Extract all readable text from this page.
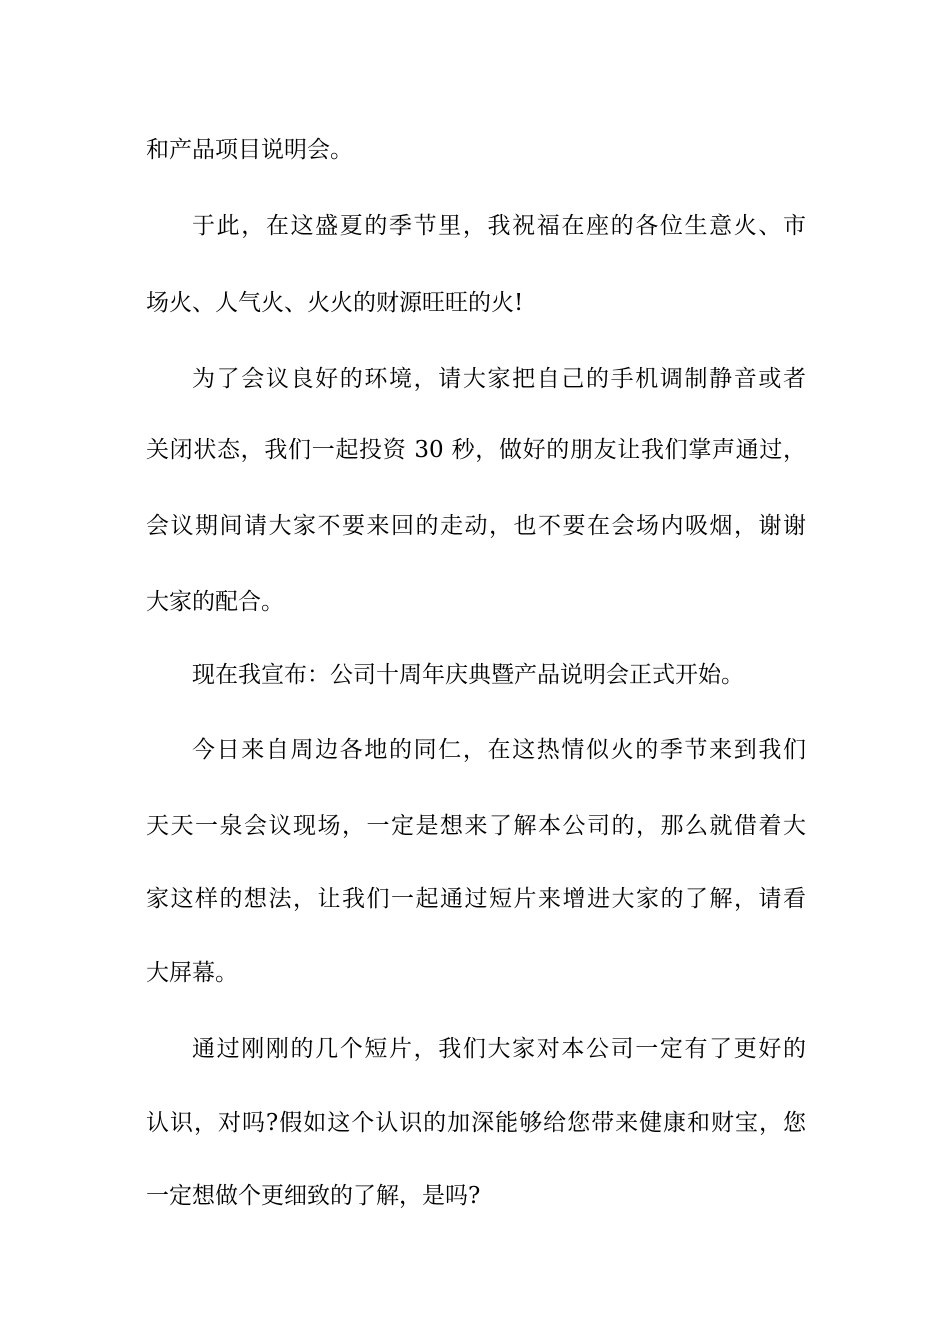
和产品项目说明会。
于此，在这盛夏的季节里，我祝福在座的各位生意火、市
场火、人气火、火火的财源旺旺的火!
为了会议良好的环境，请大家把自己的手机调制静音或者
关闭状态，我们一起投资 30 秒，做好的朋友让我们掌声通过，
会议期间请大家不要来回的走动，也不要在会场内吸烟，谢谢
大家的配合。
现在我宣布：公司十周年庆典暨产品说明会正式开始。
今日来自周边各地的同仁，在这热情似火的季节来到我们
天天一泉会议现场，一定是想来了解本公司的，那么就借着大
家这样的想法，让我们一起通过短片来增进大家的了解，请看
大屏幕。
通过刚刚的几个短片，我们大家对本公司一定有了更好的
认识，对吗?假如这个认识的加深能够给您带来健康和财宝，您
一定想做个更细致的了解，是吗?
